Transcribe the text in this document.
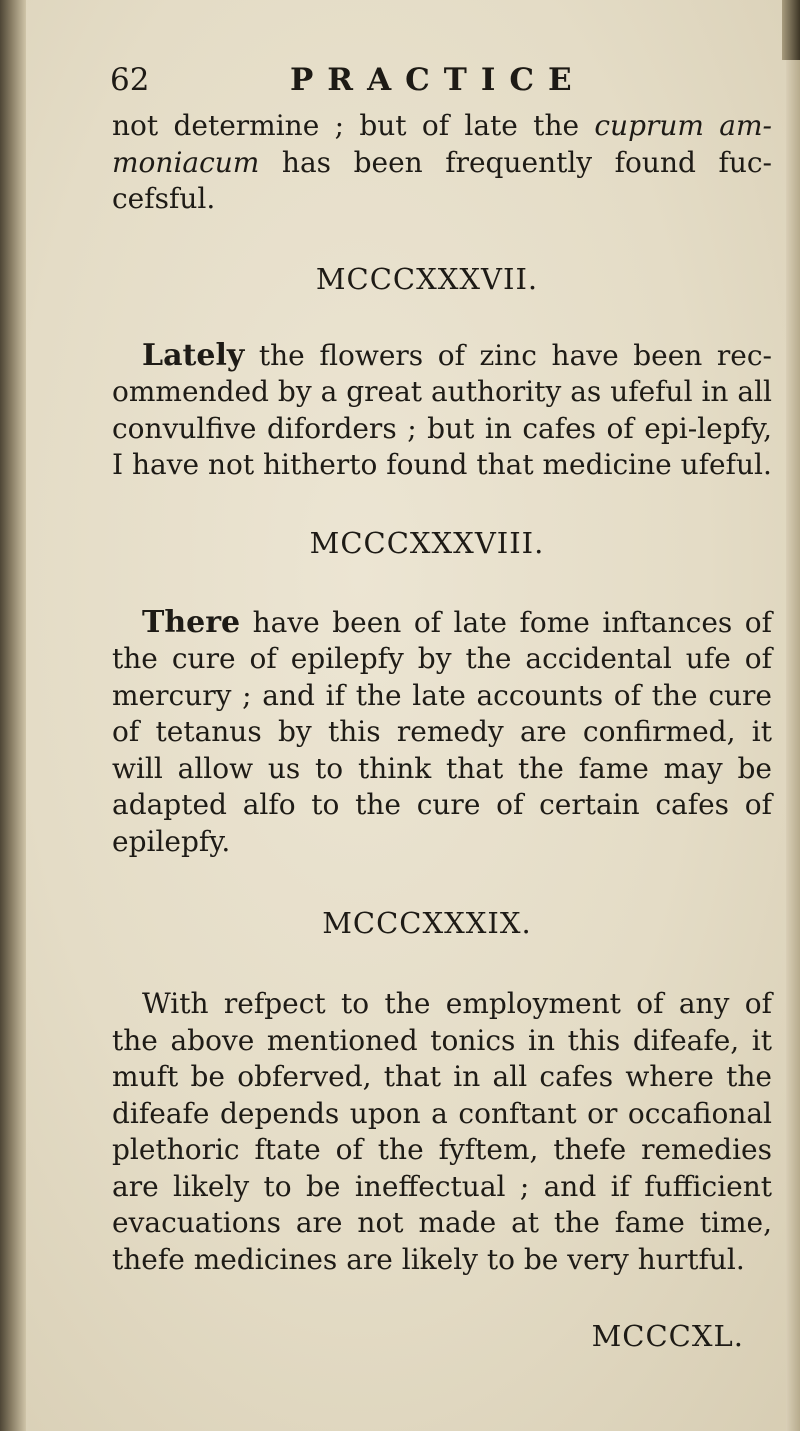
62	PRACTICE

not determine ; but of late the cuprum am-moniacum has been frequently found fuc-cefsful.

MCCCXXXVII.

Lately the flowers of zinc have been rec-ommended by a great authority as ufeful in all convulfive diforders ; but in cafes of epi-lepfy, I have not hitherto found that medicine ufeful.

MCCCXXXVIII.

There have been of late fome inftances of the cure of epilepfy by the accidental ufe of mercury ; and if the late accounts of the cure of tetanus by this remedy are confirmed, it will allow us to think that the fame may be adapted alfo to the cure of certain cafes of epilepfy.

MCCCXXXIX.

With refpect to the employment of any of the above mentioned tonics in this difeafe, it muft be obferved, that in all cafes where the difeafe depends upon a conftant or occafional plethoric ftate of the fyftem, thefe remedies are likely to be ineffectual ; and if fufficient evacuations are not made at the fame time, thefe medicines are likely to be very hurtful.

MCCCXL.
